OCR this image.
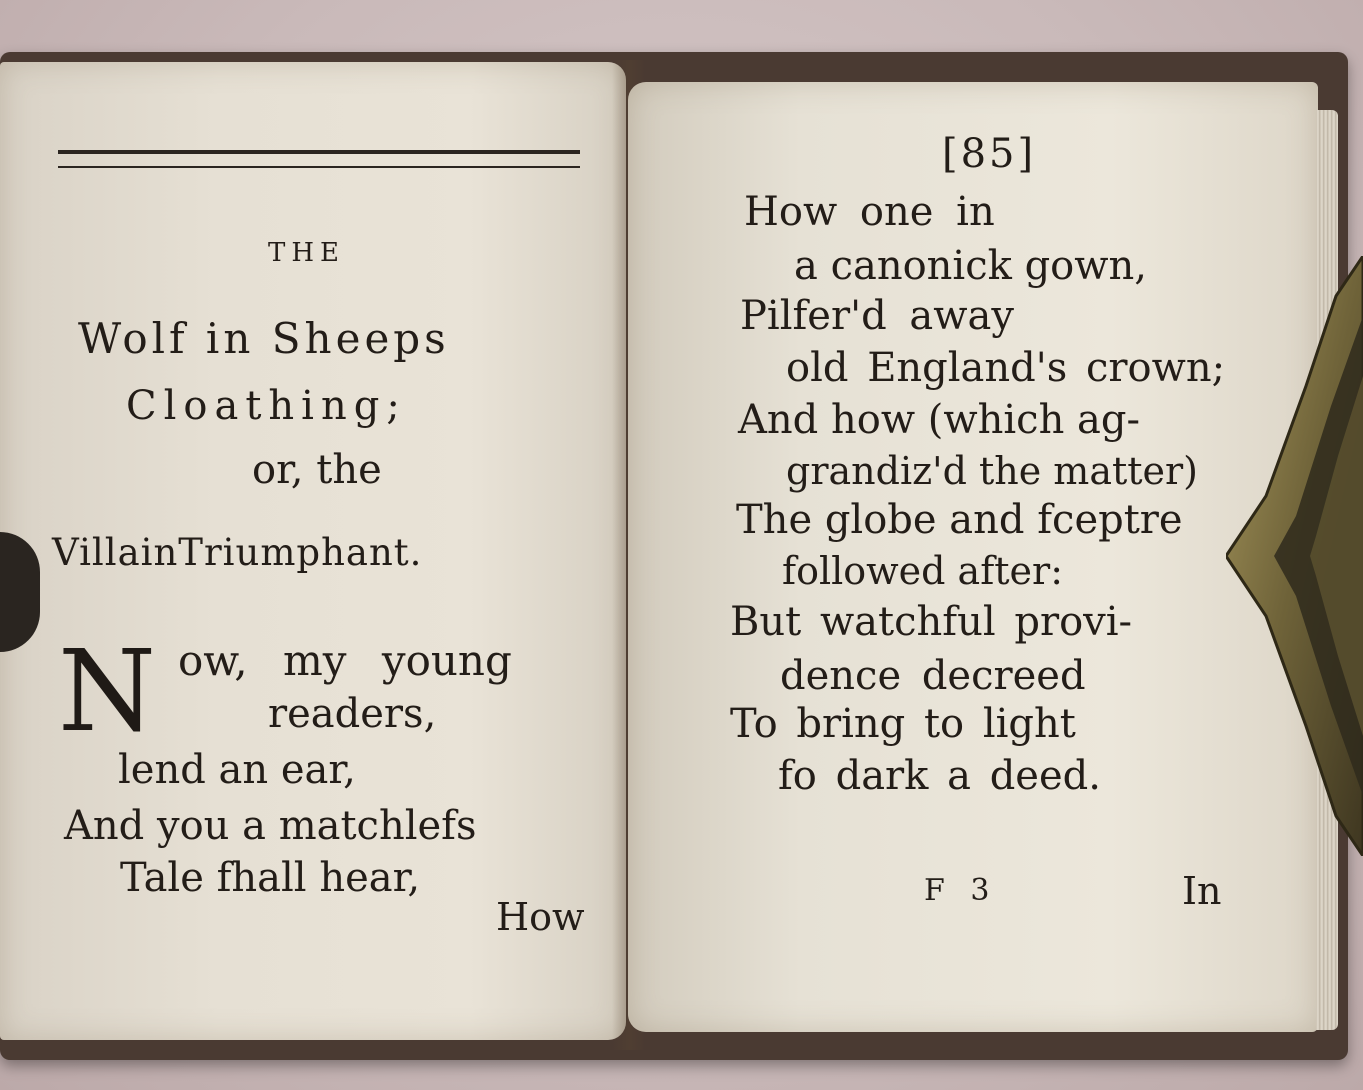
THE
Wolf in Sheeps
Cloathing;
or, the
VillainTriumphant.
N ow, my young
readers,
lend an ear,
And you a matchlefs
Tale fhall hear,
How
[85]
How one in
a canonick gown,
Pilfer'd away
old England's crown;
And how (which ag-
grandiz'd the matter)
The globe and fceptre
followed after:
But watchful provi-
dence decreed
To bring to light
fo dark a deed.
F 3	In
